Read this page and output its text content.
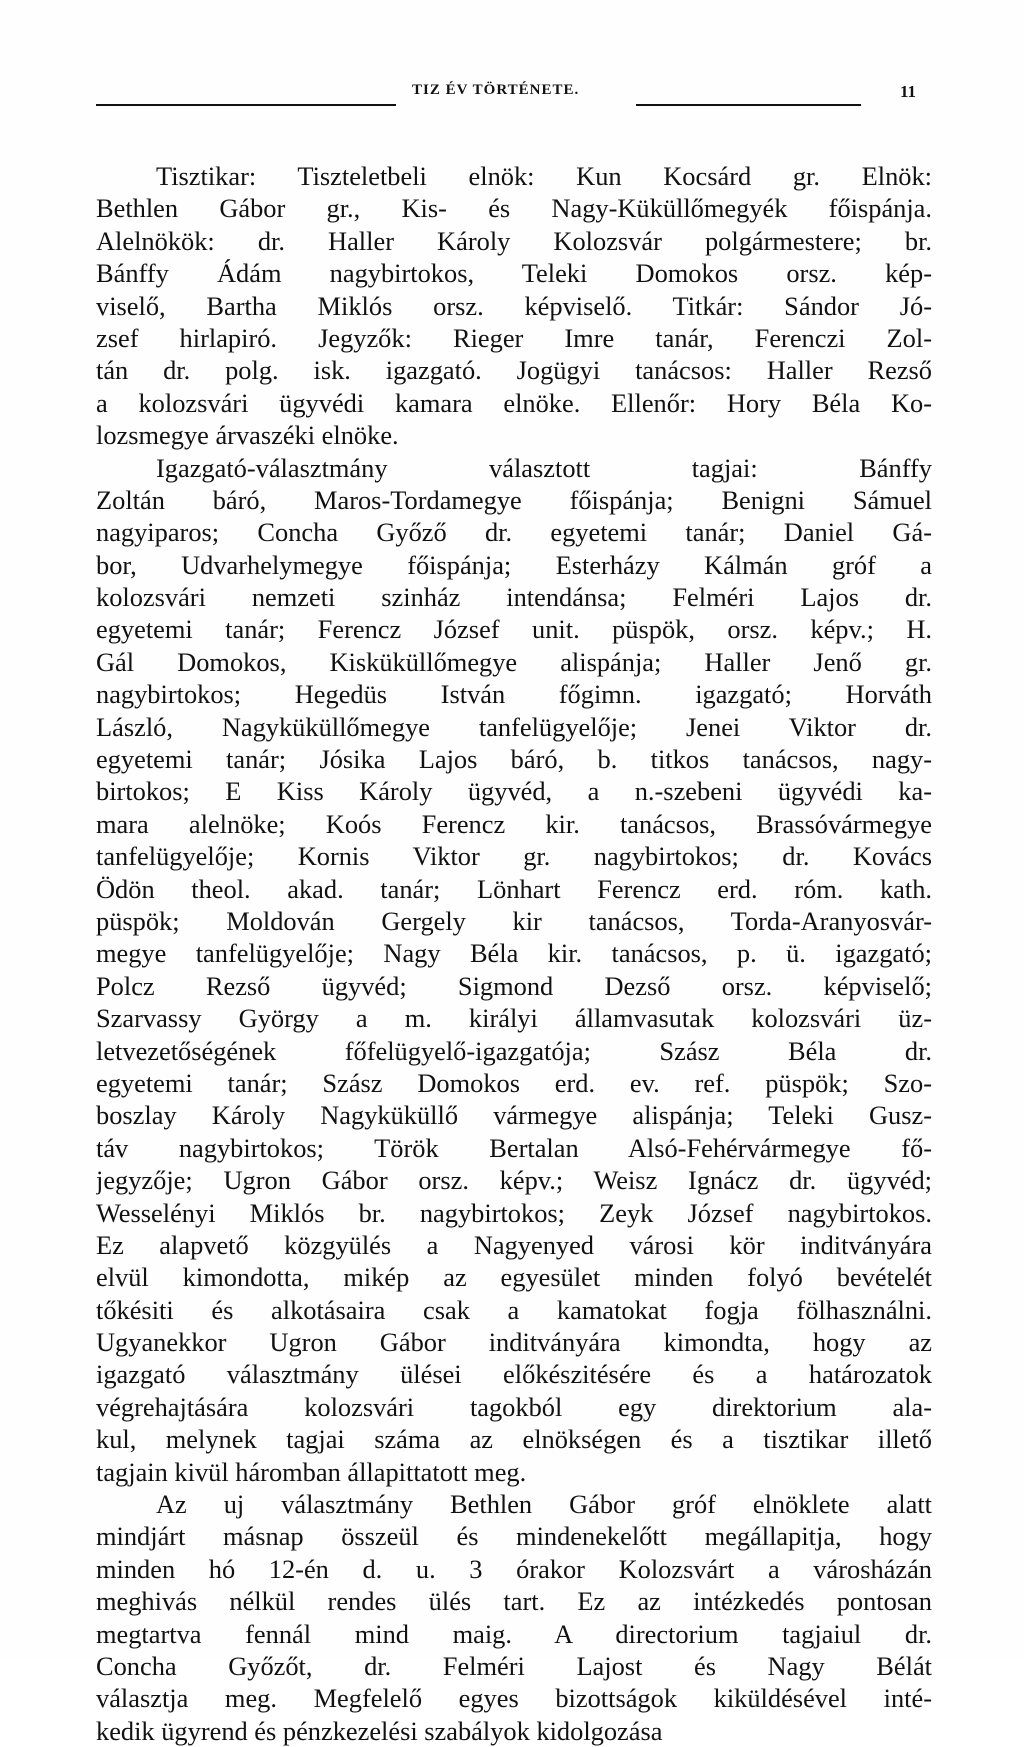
TIZ ÉV TÖRTÉNETE.	11
Tisztikar: Tiszteletbeli elnök: Kun Kocsárd gr. Elnök:
Bethlen Gábor gr., Kis- és Nagy-Küküllőmegyék főispánja.
Alelnökök: dr. Haller Károly Kolozsvár polgármestere; br.
Bánffy Ádám nagybirtokos, Teleki Domokos orsz. kép-
viselő, Bartha Miklós orsz. képviselő. Titkár: Sándor Jó-
zsef hirlapiró. Jegyzők: Rieger Imre tanár, Ferenczi Zol-
tán dr. polg. isk. igazgató. Jogügyi tanácsos: Haller Rezső
a kolozsvári ügyvédi kamara elnöke. Ellenőr: Hory Béla Ko-
lozsmegye árvaszéki elnöke.
Igazgató-választmány választott tagjai: Bánffy
Zoltán báró, Maros-Tordamegye főispánja; Benigni Sámuel
nagyiparos; Concha Győző dr. egyetemi tanár; Daniel Gá-
bor, Udvarhelymegye főispánja; Esterházy Kálmán gróf a
kolozsvári nemzeti szinház intendánsa; Felméri Lajos dr.
egyetemi tanár; Ferencz József unit. püspök, orsz. képv.; H.
Gál Domokos, Kisküküllőmegye alispánja; Haller Jenő gr.
nagybirtokos; Hegedüs István főgimn. igazgató; Horváth
László, Nagyküküllőmegye tanfelügyelője; Jenei Viktor dr.
egyetemi tanár; Jósika Lajos báró, b. titkos tanácsos, nagy-
birtokos; E Kiss Károly ügyvéd, a n.-szebeni ügyvédi ka-
mara alelnöke; Koós Ferencz kir. tanácsos, Brassóvármegye
tanfelügyelője; Kornis Viktor gr. nagybirtokos; dr. Kovács
Ödön theol. akad. tanár; Lönhart Ferencz erd. róm. kath.
püspök; Moldován Gergely kir tanácsos, Torda-Aranyosvár-
megye tanfelügyelője; Nagy Béla kir. tanácsos, p. ü. igazgató;
Polcz Rezső ügyvéd; Sigmond Dezső orsz. képviselő;
Szarvassy György a m. királyi államvasutak kolozsvári üz-
letvezetőségének főfelügyelő-igazgatója; Szász Béla dr.
egyetemi tanár; Szász Domokos erd. ev. ref. püspök; Szo-
boszlay Károly Nagyküküllő vármegye alispánja; Teleki Gusz-
táv nagybirtokos; Török Bertalan Alsó-Fehérvármegye fő-
jegyzője; Ugron Gábor orsz. képv.; Weisz Ignácz dr. ügyvéd;
Wesselényi Miklós br. nagybirtokos; Zeyk József nagybirtokos.
Ez alapvető közgyülés a Nagyenyed városi kör inditványára
elvül kimondotta, mikép az egyesület minden folyó bevételét
tőkésiti és alkotásaira csak a kamatokat fogja fölhasználni.
Ugyanekkor Ugron Gábor inditványára kimondta, hogy az
igazgató választmány ülései előkészitésére és a határozatok
végrehajtására kolozsvári tagokból egy direktorium ala-
kul, melynek tagjai száma az elnökségen és a tisztikar illető
tagjain kivül háromban állapittatott meg.
Az uj választmány Bethlen Gábor gróf elnöklete alatt
mindjárt másnap összeül és mindenekelőtt megállapitja, hogy
minden hó 12-én d. u. 3 órakor Kolozsvárt a városházán
meghivás nélkül rendes ülés tart. Ez az intézkedés pontosan
megtartva fennál mind maig. A directorium tagjaiul dr.
Concha Győzőt, dr. Felméri Lajost és Nagy Bélát
választja meg. Megfelelő egyes bizottságok kiküldésével inté-
kedik ügyrend és pénzkezelési szabályok kidolgozása
